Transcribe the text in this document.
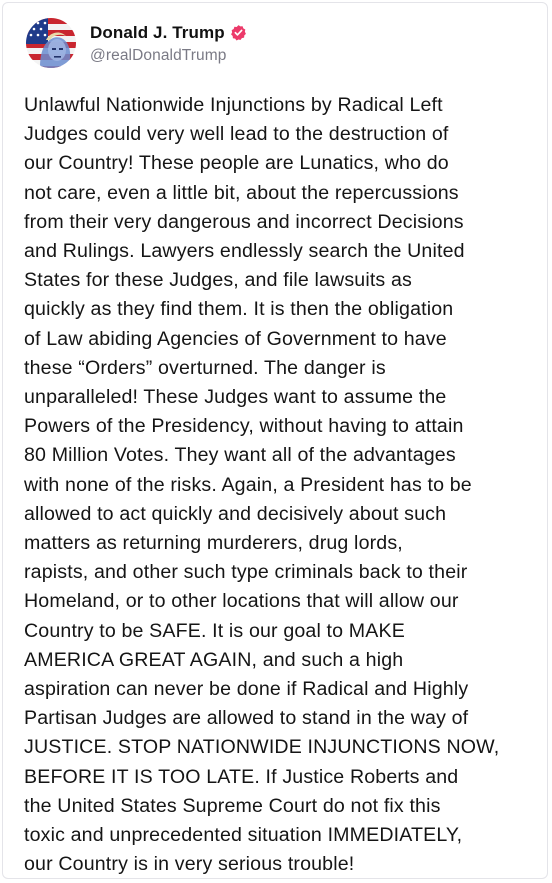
Donald J. Trump
@realDonaldTrump

Unlawful Nationwide Injunctions by Radical Left
Judges could very well lead to the destruction of
our Country! These people are Lunatics, who do
not care, even a little bit, about the repercussions
from their very dangerous and incorrect Decisions
and Rulings. Lawyers endlessly search the United
States for these Judges, and file lawsuits as
quickly as they find them. It is then the obligation
of Law abiding Agencies of Government to have
these “Orders” overturned. The danger is
unparalleled! These Judges want to assume the
Powers of the Presidency, without having to attain
80 Million Votes. They want all of the advantages
with none of the risks. Again, a President has to be
allowed to act quickly and decisively about such
matters as returning murderers, drug lords,
rapists, and other such type criminals back to their
Homeland, or to other locations that will allow our
Country to be SAFE. It is our goal to MAKE
AMERICA GREAT AGAIN, and such a high
aspiration can never be done if Radical and Highly
Partisan Judges are allowed to stand in the way of
JUSTICE. STOP NATIONWIDE INJUNCTIONS NOW,
BEFORE IT IS TOO LATE. If Justice Roberts and
the United States Supreme Court do not fix this
toxic and unprecedented situation IMMEDIATELY,
our Country is in very serious trouble!
